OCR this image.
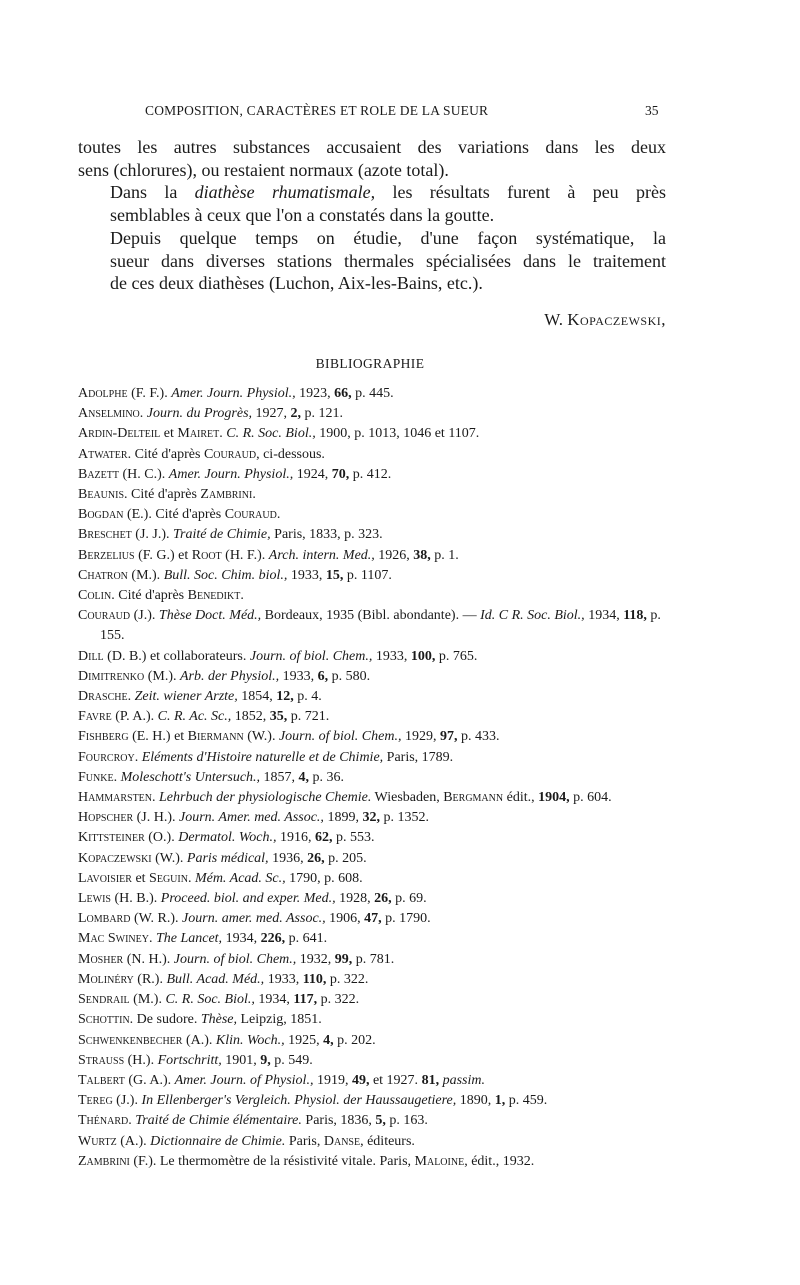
COMPOSITION, CARACTÈRES ET ROLE DE LA SUEUR	35

toutes les autres substances accusaient des variations dans les deux
sens (chlorures), ou restaient normaux (azote total).

Dans la diathèse rhumatismale, les résultats furent à peu près
semblables à ceux que l'on a constatés dans la goutte.

Depuis quelque temps on étudie, d'une façon systématique, la
sueur dans diverses stations thermales spécialisées dans le traitement
de ces deux diathèses (Luchon, Aix-les-Bains, etc.).

W. Kopaczewski,
BIBLIOGRAPHIE
Adolphe (F. F.). Amer. Journ. Physiol., 1923, 66, p. 445.
Anselmino. Journ. du Progrès, 1927, 2, p. 121.
Ardin-Delteil et Mairet. C. R. Soc. Biol., 1900, p. 1013, 1046 et 1107.
Atwater. Cité d'après Couraud, ci-dessous.
Bazett (H. C.). Amer. Journ. Physiol., 1924, 70, p. 412.
Beaunis. Cité d'après Zambrini.
Bogdan (E.). Cité d'après Couraud.
Breschet (J. J.). Traité de Chimie, Paris, 1833, p. 323.
Berzelius (F. G.) et Root (H. F.). Arch. intern. Med., 1926, 38, p. 1.
Chatron (M.). Bull. Soc. Chim. biol., 1933, 15, p. 1107.
Colin. Cité d'après Benedikt.
Couraud (J.). Thèse Doct. Méd., Bordeaux, 1935 (Bibl. abondante). — Id. C R. Soc. Biol., 1934, 118, p. 155.
Dill (D. B.) et collaborateurs. Journ. of biol. Chem., 1933, 100, p. 765.
Dimitrenko (M.). Arb. der Physiol., 1933, 6, p. 580.
Drasche. Zeit. wiener Arzte, 1854, 12, p. 4.
Favre (P. A.). C. R. Ac. Sc., 1852, 35, p. 721.
Fishberg (E. H.) et Biermann (W.). Journ. of biol. Chem., 1929, 97, p. 433.
Fourcroy. Eléments d'Histoire naturelle et de Chimie, Paris, 1789.
Funke. Moleschott's Untersuch., 1857, 4, p. 36.
Hammarsten. Lehrbuch der physiologische Chemie. Wiesbaden, Bergmann édit., 1904, p. 604.
Hopscher (J. H.). Journ. Amer. med. Assoc., 1899, 32, p. 1352.
Kittsteiner (O.). Dermatol. Woch., 1916, 62, p. 553.
Kopaczewski (W.). Paris médical, 1936, 26, p. 205.
Lavoisier et Seguin. Mém. Acad. Sc., 1790, p. 608.
Lewis (H. B.). Proceed. biol. and exper. Med., 1928, 26, p. 69.
Lombard (W. R.). Journ. amer. med. Assoc., 1906, 47, p. 1790.
Mac Swiney. The Lancet, 1934, 226, p. 641.
Mosher (N. H.). Journ. of biol. Chem., 1932, 99, p. 781.
Molinéry (R.). Bull. Acad. Méd., 1933, 110, p. 322.
Sendrail (M.). C. R. Soc. Biol., 1934, 117, p. 322.
Schottin. De sudore. Thèse, Leipzig, 1851.
Schwenkenbecher (A.). Klin. Woch., 1925, 4, p. 202.
Strauss (H.). Fortschritt, 1901, 9, p. 549.
Talbert (G. A.). Amer. Journ. of Physiol., 1919, 49, et 1927. 81, passim.
Tereg (J.). In Ellenberger's Vergleich. Physiol. der Haussaugetiere, 1890, 1, p. 459.
Thénard. Traité de Chimie élémentaire. Paris, 1836, 5, p. 163.
Wurtz (A.). Dictionnaire de Chimie. Paris, Danse, éditeurs.
Zambrini (F.). Le thermomètre de la résistivité vitale. Paris, Maloine, édit., 1932.
